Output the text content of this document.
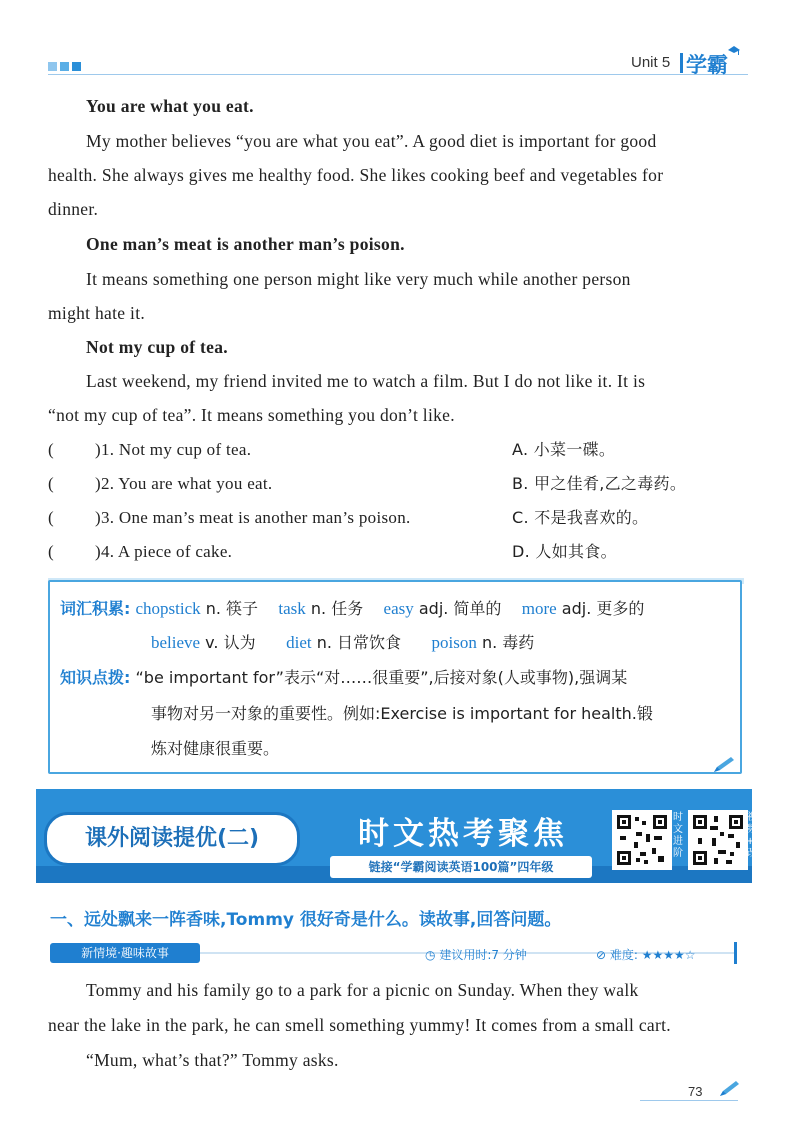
Unit 5 学霸
You are what you eat.
My mother believes “you are what you eat”. A good diet is important for good
health. She always gives me healthy food. She likes cooking beef and vegetables for
dinner.
One man’s meat is another man’s poison.
It means something one person might like very much while another person
might hate it.
Not my cup of tea.
Last weekend, my friend invited me to watch a film. But I do not like it. It is
“not my cup of tea”. It means something you don’t like.
( )1. Not my cup of tea.	A. 小菜一碟。
( )2. You are what you eat.	B. 甲之佳肴,乙之毒药。
( )3. One man’s meat is another man’s poison.	C. 不是我喜欢的。
( )4. A piece of cake.	D. 人如其食。
词汇积累: chopstick n. 筷子 task n. 任务 easy adj. 简单的 more adj. 更多的
believe v. 认为 diet n. 日常饮食 poison n. 毒药
知识点拨: “be important for”表示“对……很重要”,后接对象(人或事物),强调某
事物对另一对象的重要性。例如:Exercise is important for health.锻
炼对健康很重要。
课外阅读提优(二)	时文热考聚焦
链接“学霸阅读英语100篇”四年级
时文进阶
视频+批改
一、远处飘来一阵香味,Tommy 很好奇是什么。读故事,回答问题。
新情境·趣味故事	◷ 建议用时:7 分钟	⊘ 难度: ★★★★☆
Tommy and his family go to a park for a picnic on Sunday. When they walk
near the lake in the park, he can smell something yummy! It comes from a small cart.
“Mum, what’s that?” Tommy asks.
73
